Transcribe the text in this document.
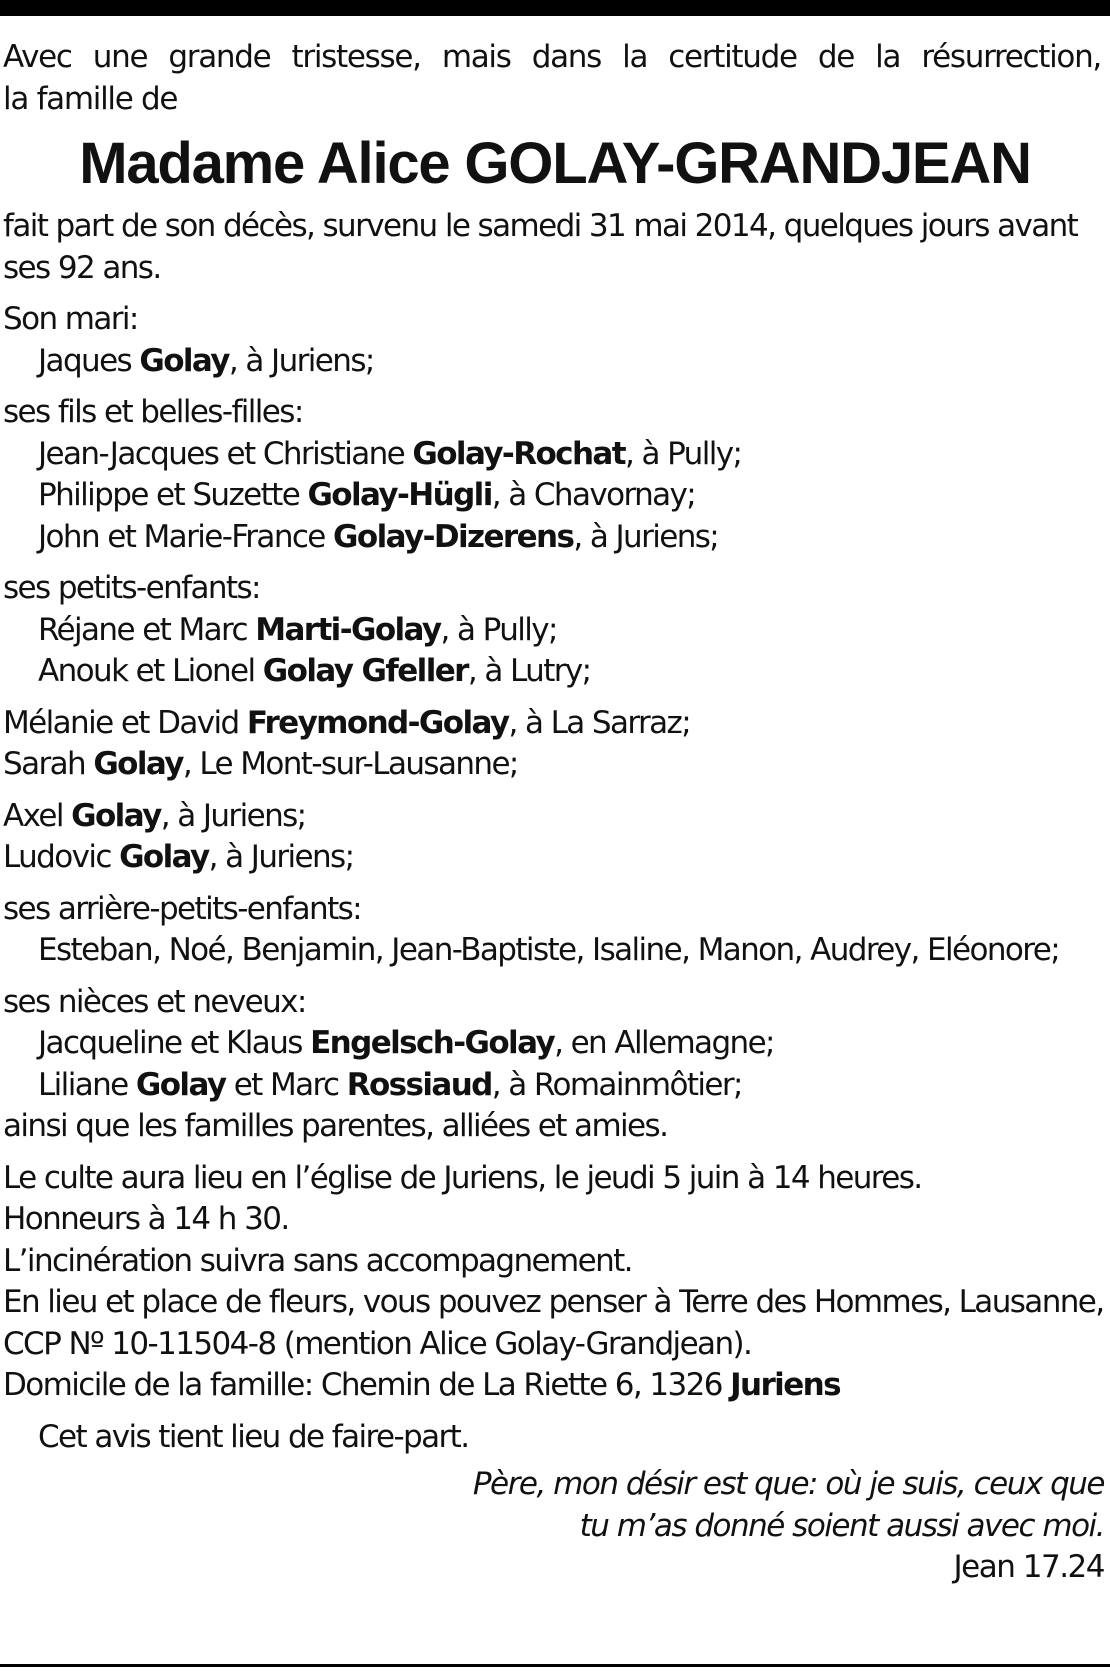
Avec une grande tristesse, mais dans la certitude de la résurrection,
la famille de
Madame Alice GOLAY-GRANDJEAN
fait part de son décès, survenu le samedi 31 mai 2014, quelques jours avant
ses 92 ans.
Son mari:
Jaques Golay, à Juriens;
ses fils et belles-filles:
Jean-Jacques et Christiane Golay-Rochat, à Pully;
Philippe et Suzette Golay-Hügli, à Chavornay;
John et Marie-France Golay-Dizerens, à Juriens;
ses petits-enfants:
Réjane et Marc Marti-Golay, à Pully;
Anouk et Lionel Golay Gfeller, à Lutry;
Mélanie et David Freymond-Golay, à La Sarraz;
Sarah Golay, Le Mont-sur-Lausanne;
Axel Golay, à Juriens;
Ludovic Golay, à Juriens;
ses arrière-petits-enfants:
Esteban, Noé, Benjamin, Jean-Baptiste, Isaline, Manon, Audrey, Eléonore;
ses nièces et neveux:
Jacqueline et Klaus Engelsch-Golay, en Allemagne;
Liliane Golay et Marc Rossiaud, à Romainmôtier;
ainsi que les familles parentes, alliées et amies.
Le culte aura lieu en l’église de Juriens, le jeudi 5 juin à 14 heures.
Honneurs à 14 h 30.
L’incinération suivra sans accompagnement.
En lieu et place de fleurs, vous pouvez penser à Terre des Hommes, Lausanne,
CCP Nº 10-11504-8 (mention Alice Golay-Grandjean).
Domicile de la famille: Chemin de La Riette 6, 1326 Juriens
Cet avis tient lieu de faire-part.
Père, mon désir est que: où je suis, ceux que
tu m’as donné soient aussi avec moi.
Jean 17.24
